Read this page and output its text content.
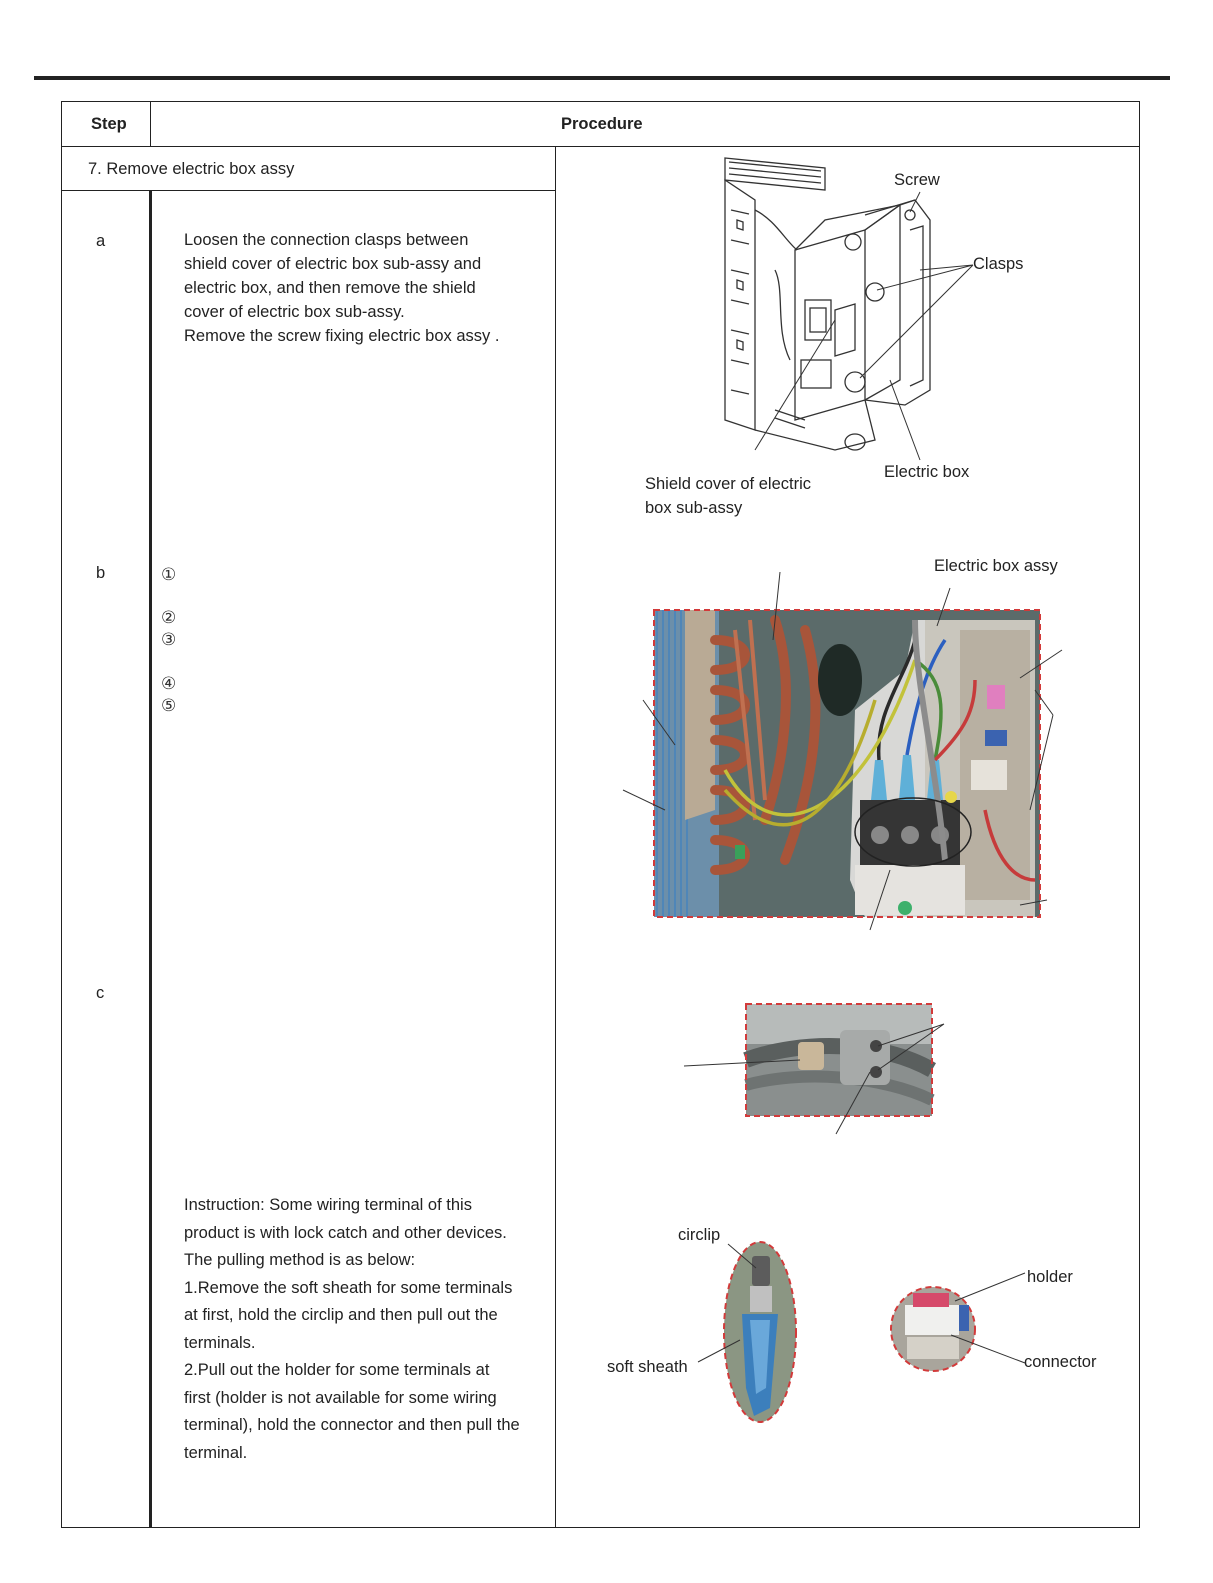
Step	Procedure
7. Remove electric box assy
a
b
c
Loosen the connection clasps between
shield cover of electric box sub-assy and
electric box, and then remove the shield
cover of electric box sub-assy.
Remove the screw fixing electric box assy .
①
②
③
④
⑤
Instruction: Some wiring terminal of this
product is with lock catch and other devices.
The pulling method is as below:
1.Remove the soft sheath for some terminals
at first, hold the circlip and then pull out the
terminals.
2.Pull out the holder for some terminals at
first (holder is not available for some wiring
terminal), hold the connector and then pull the
terminal.
Screw
Clasps
Shield cover of electric
box sub-assy
Electric box
Electric box assy
circlip
soft sheath
holder
connector
